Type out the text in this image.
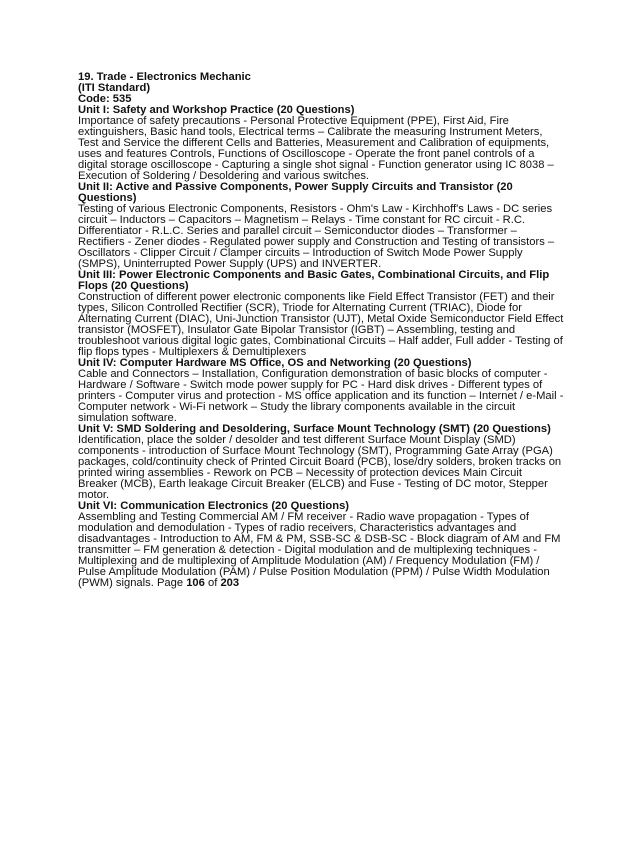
19. Trade - Electronics Mechanic
(ITI Standard)
Code: 535
Unit I: Safety and Workshop Practice (20 Questions)

Importance of safety precautions - Personal Protective Equipment (PPE), First Aid, Fire extinguishers, Basic hand tools, Electrical terms – Calibrate the measuring Instrument Meters, Test and Service the different Cells and Batteries, Measurement and Calibration of equipments, uses and features Controls, Functions of Oscilloscope - Operate the front panel controls of a digital storage oscilloscope - Capturing a single shot signal - Function generator using IC 8038 – Execution of Soldering / Desoldering and various switches.

Unit II: Active and Passive Components, Power Supply Circuits and Transistor (20 Questions)

Testing of various Electronic Components, Resistors - Ohm's Law - Kirchhoff's Laws - DC series circuit – Inductors – Capacitors – Magnetism – Relays - Time constant for RC circuit - R.C. Differentiator - R.L.C. Series and parallel circuit – Semiconductor diodes – Transformer – Rectifiers - Zener diodes - Regulated power supply and Construction and Testing of transistors – Oscillators - Clipper Circuit / Clamper circuits – Introduction of Switch Mode Power Supply (SMPS), Uninterrupted Power Supply (UPS) and INVERTER.

Unit III: Power Electronic Components and Basic Gates, Combinational Circuits, and Flip Flops (20 Questions)

Construction of different power electronic components like Field Effect Transistor (FET) and their types, Silicon Controlled Rectifier (SCR), Triode for Alternating Current (TRIAC), Diode for Alternating Current (DIAC), Uni-Junction Transistor (UJT), Metal Oxide Semiconductor Field Effect transistor (MOSFET), Insulator Gate Bipolar Transistor (IGBT) – Assembling, testing and troubleshoot various digital logic gates, Combinational Circuits – Half adder, Full adder - Testing of flip flops types - Multiplexers & Demultiplexers

Unit IV: Computer Hardware MS Office, OS and Networking (20 Questions)

Cable and Connectors – Installation, Configuration demonstration of basic blocks of computer - Hardware / Software - Switch mode power supply for PC - Hard disk drives - Different types of printers - Computer virus and protection - MS office application and its function – Internet / e-Mail - Computer network - Wi-Fi network – Study the library components available in the circuit simulation software.

Unit V: SMD Soldering and Desoldering, Surface Mount Technology (SMT) (20 Questions)

Identification, place the solder / desolder and test different Surface Mount Display (SMD) components - introduction of Surface Mount Technology (SMT), Programming Gate Array (PGA) packages, cold/continuity check of Printed Circuit Board (PCB), lose/dry solders, broken tracks on printed wiring assemblies - Rework on PCB – Necessity of protection devices Main Circuit Breaker (MCB), Earth leakage Circuit Breaker (ELCB) and Fuse - Testing of DC motor, Stepper motor.

Unit VI: Communication Electronics (20 Questions)

Assembling and Testing Commercial AM / FM receiver - Radio wave propagation - Types of modulation and demodulation - Types of radio receivers, Characteristics advantages and disadvantages - Introduction to AM, FM & PM, SSB-SC & DSB-SC - Block diagram of AM and FM transmitter – FM generation & detection - Digital modulation and de multiplexing techniques - Multiplexing and de multiplexing of Amplitude Modulation (AM) / Frequency Modulation (FM) / Pulse Amplitude Modulation (PAM) / Pulse Position Modulation (PPM) / Pulse Width Modulation (PWM) signals. Page 106 of 203
